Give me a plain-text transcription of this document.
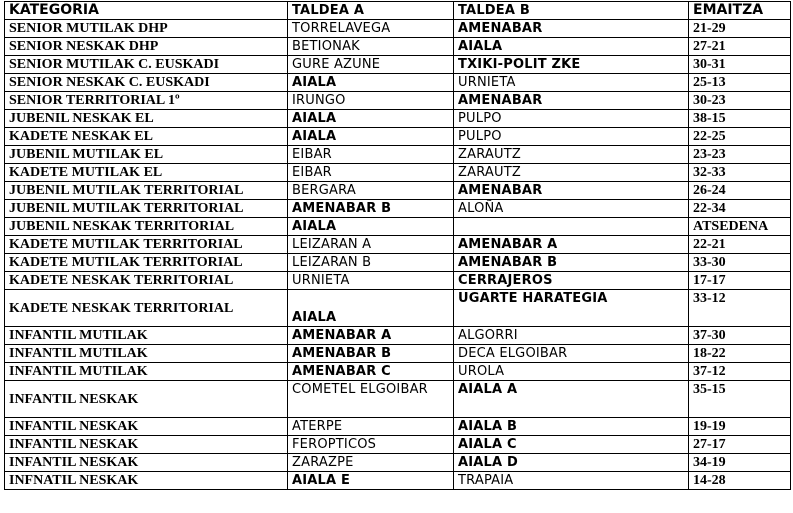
KATEGORIA	TALDEA A	TALDEA B	EMAITZA
SENIOR MUTILAK DHP	TORRELAVEGA	AMENABAR	21-29
SENIOR NESKAK DHP	BETIONAK	AIALA	27-21
SENIOR MUTILAK C. EUSKADI	GURE AZUNE	TXIKI-POLIT ZKE	30-31
SENIOR NESKAK C. EUSKADI	AIALA	URNIETA	25-13
SENIOR TERRITORIAL 1º	IRUNGO	AMENABAR	30-23
JUBENIL NESKAK EL	AIALA	PULPO	38-15
KADETE NESKAK EL	AIALA	PULPO	22-25
JUBENIL MUTILAK EL	EIBAR	ZARAUTZ	23-23
KADETE MUTILAK EL	EIBAR	ZARAUTZ	32-33
JUBENIL MUTILAK TERRITORIAL	BERGARA	AMENABAR	26-24
JUBENIL MUTILAK TERRITORIAL	AMENABAR B	ALOÑA	22-34
JUBENIL NESKAK TERRITORIAL	AIALA		ATSEDENA
KADETE MUTILAK TERRITORIAL	LEIZARAN A	AMENABAR A	22-21
KADETE MUTILAK TERRITORIAL	LEIZARAN B	AMENABAR B	33-30
KADETE NESKAK TERRITORIAL	URNIETA	CERRAJEROS	17-17
KADETE NESKAK TERRITORIAL	AIALA	UGARTE HARATEGIA	33-12
INFANTIL MUTILAK	AMENABAR A	ALGORRI	37-30
INFANTIL MUTILAK	AMENABAR B	DECA ELGOIBAR	18-22
INFANTIL MUTILAK	AMENABAR C	UROLA	37-12
INFANTIL NESKAK	COMETEL ELGOIBAR	AIALA A	35-15
INFANTIL NESKAK	ATERPE	AIALA B	19-19
INFANTIL NESKAK	FEROPTICOS	AIALA C	27-17
INFANTIL NESKAK	ZARAZPE	AIALA D	34-19
INFNATIL NESKAK	AIALA E	TRAPAIA	14-28
